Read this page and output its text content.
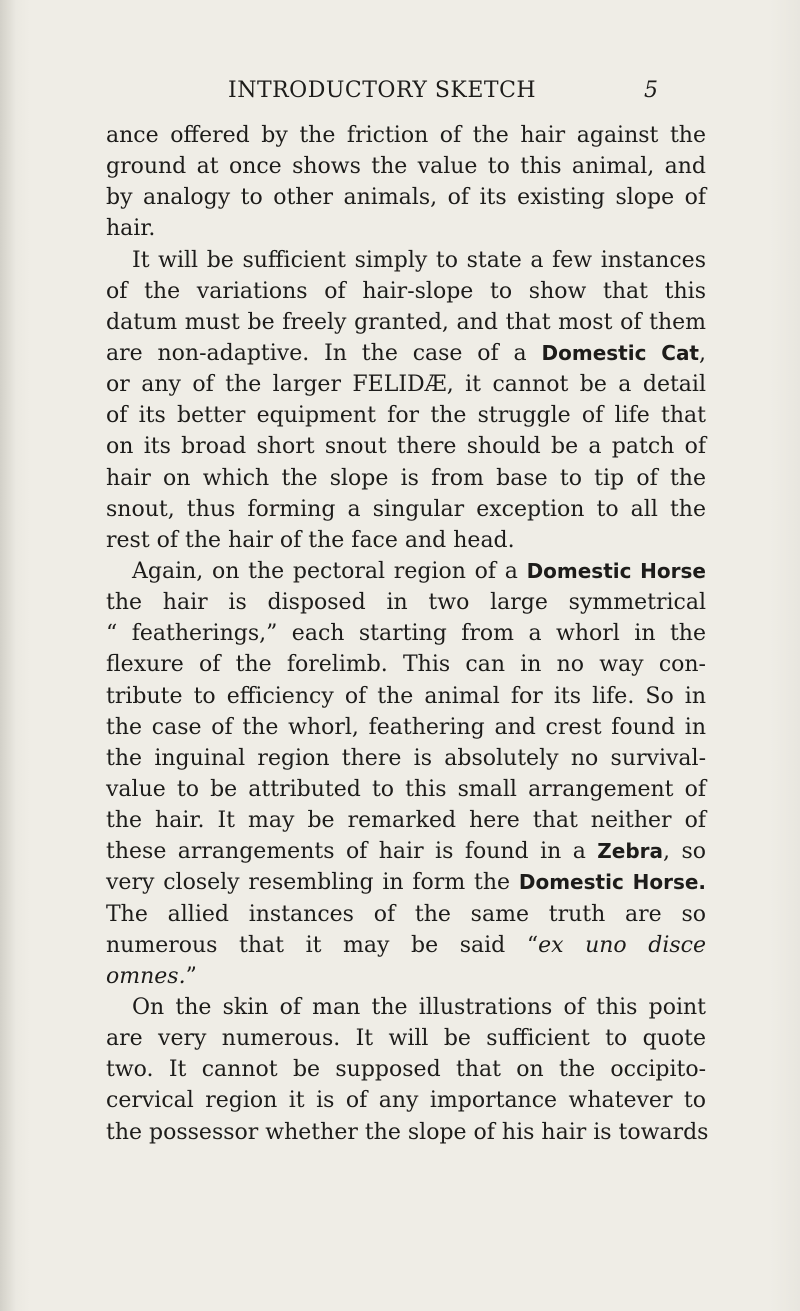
INTRODUCTORY SKETCH	5
ance offered by the friction of the hair against the
ground at once shows the value to this animal, and
by analogy to other animals, of its existing slope of
hair.
It will be sufficient simply to state a few instances
of the variations of hair-slope to show that this
datum must be freely granted, and that most of them
are non-adaptive. In the case of a Domestic Cat,
or any of the larger FELIDÆ, it cannot be a detail
of its better equipment for the struggle of life that
on its broad short snout there should be a patch of
hair on which the slope is from base to tip of the
snout, thus forming a singular exception to all the
rest of the hair of the face and head.
Again, on the pectoral region of a Domestic Horse
the hair is disposed in two large symmetrical
“ featherings,” each starting from a whorl in the
flexure of the forelimb. This can in no way con-
tribute to efficiency of the animal for its life. So in
the case of the whorl, feathering and crest found in
the inguinal region there is absolutely no survival-
value to be attributed to this small arrangement of
the hair. It may be remarked here that neither of
these arrangements of hair is found in a Zebra, so
very closely resembling in form the Domestic Horse.
The allied instances of the same truth are so
numerous that it may be said “ex uno disce
omnes.”
On the skin of man the illustrations of this point
are very numerous. It will be sufficient to quote
two. It cannot be supposed that on the occipito-
cervical region it is of any importance whatever to
the possessor whether the slope of his hair is towards
